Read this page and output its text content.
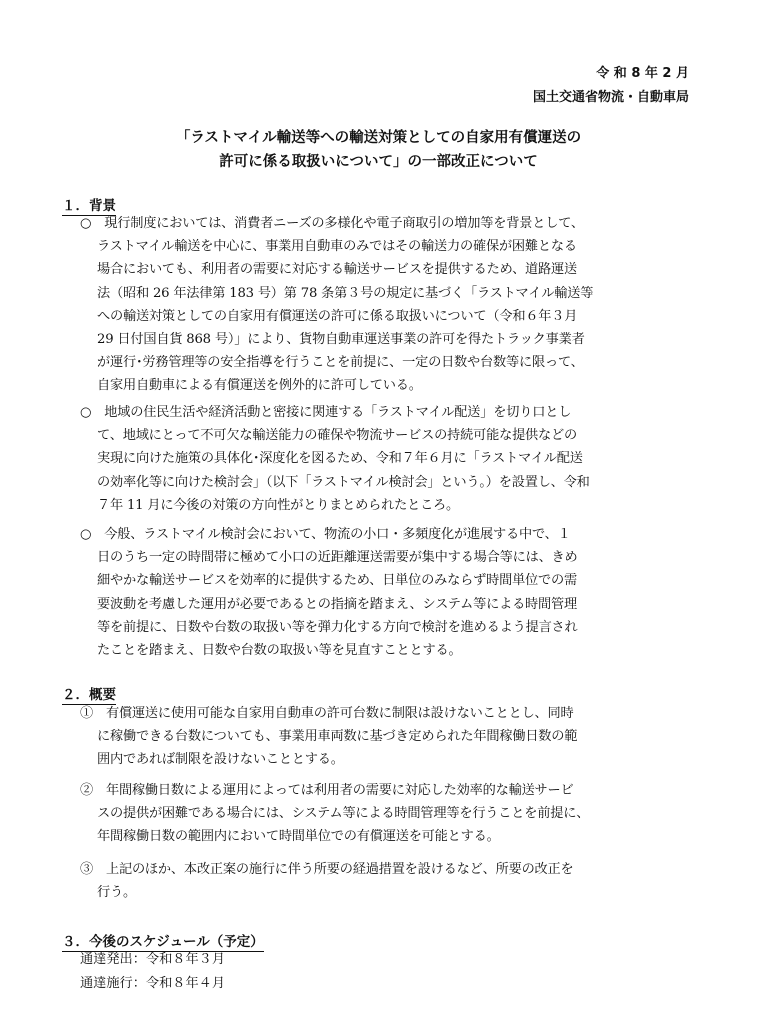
令 和 8 年 2 月
国土交通省物流・自動車局
「ラストマイル輸送等への輸送対策としての自家用有償運送の
許可に係る取扱いについて」の一部改正について
１．背景
○　現行制度においては、消費者ニーズの多様化や電子商取引の増加等を背景として、
ラストマイル輸送を中心に、事業用自動車のみではその輸送力の確保が困難となる
場合においても、利用者の需要に対応する輸送サービスを提供するため、道路運送
法（昭和 26 年法律第 183 号）第 78 条第３号の規定に基づく「ラストマイル輸送等
への輸送対策としての自家用有償運送の許可に係る取扱いについて（令和６年３月
29 日付国自貨 868 号）」により、貨物自動車運送事業の許可を得たトラック事業者
が運行･労務管理等の安全指導を行うことを前提に、一定の日数や台数等に限って、
自家用自動車による有償運送を例外的に許可している。
○　地域の住民生活や経済活動と密接に関連する「ラストマイル配送」を切り口とし
て、地域にとって不可欠な輸送能力の確保や物流サービスの持続可能な提供などの
実現に向けた施策の具体化･深度化を図るため、令和７年６月に「ラストマイル配送
の効率化等に向けた検討会」（以下「ラストマイル検討会」という。）を設置し、令和
７年 11 月に今後の対策の方向性がとりまとめられたところ。
○　今般、ラストマイル検討会において、物流の小口・多頻度化が進展する中で、１
日のうち一定の時間帯に極めて小口の近距離運送需要が集中する場合等には、きめ
細やかな輸送サービスを効率的に提供するため、日単位のみならず時間単位での需
要波動を考慮した運用が必要であるとの指摘を踏まえ、システム等による時間管理
等を前提に、日数や台数の取扱い等を弾力化する方向で検討を進めるよう提言され
たことを踏まえ、日数や台数の取扱い等を見直すこととする。
２．概要
①　有償運送に使用可能な自家用自動車の許可台数に制限は設けないこととし、同時
に稼働できる台数についても、事業用車両数に基づき定められた年間稼働日数の範
囲内であれば制限を設けないこととする。
②　年間稼働日数による運用によっては利用者の需要に対応した効率的な輸送サービ
スの提供が困難である場合には、システム等による時間管理等を行うことを前提に、
年間稼働日数の範囲内において時間単位での有償運送を可能とする。
③　上記のほか、本改正案の施行に伴う所要の経過措置を設けるなど、所要の改正を
行う。
３．今後のスケジュール（予定）
通達発出：令和８年３月
通達施行：令和８年４月
